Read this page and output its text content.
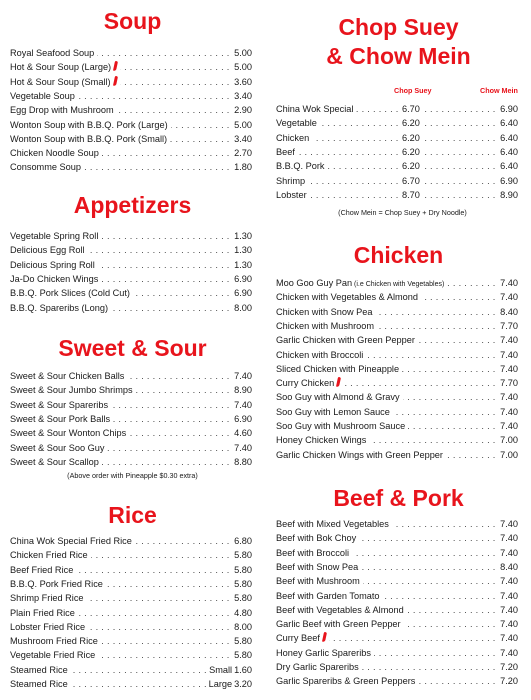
Soup
. . .
Royal Seafood Soup	5.00
. . .
Hot & Sour Soup (Large)	5.00
. . .
Hot & Sour Soup (Small)	3.60
. . .
Vegetable Soup	3.40
. . .
Egg Drop with Mushroom	2.90
. . .
Wonton Soup with B.B.Q. Pork (Large)	5.00
. . .
Wonton Soup with B.B.Q. Pork (Small)	3.40
. . .
Chicken Noodle Soup	2.70
. . .
Consomme Soup	1.80
Appetizers
. . .
Vegetable Spring Roll	1.30
. . .
Delicious Egg Roll	1.30
. . .
Delicious Spring Roll	1.30
. . .
Ja-Do Chicken Wings	6.90
. . .
B.B.Q. Pork Slices (Cold Cut)	6.90
. . .
B.B.Q. Spareribs (Long)	8.00
Sweet & Sour
. . .
Sweet & Sour Chicken Balls	7.40
. . .
Sweet & Sour Jumbo Shrimps	8.90
. . .
Sweet & Sour Spareribs	7.40
. . .
Sweet & Sour Pork Balls	6.90
. . .
Sweet & Sour Wonton Chips	4.60
. . .
Sweet & Sour Soo Guy	7.40
. . .
Sweet & Sour Scallop	8.80
(Above order with Pineapple $0.30 extra)
Rice
. . .
China Wok Special Fried Rice	6.80
. . .
Chicken Fried Rice	5.80
. . .
Beef Fried Rice	5.80
. . .
B.B.Q. Pork Fried Rice	5.80
. . .
Shrimp Fried Rice	5.80
. . .
Plain Fried Rice	4.80
. . .
Lobster Fried Rice	8.00
. . .
Mushroom Fried Rice	5.80
. . .
Vegetable Fried Rice	5.80
. . .
Steamed Rice	Small 1.60
. . .
Steamed Rice	Large 3.20
Chop Suey
& Chow Mein
Chop Suey	Chow Mein
. . .
China Wok Special	6.70	6.90
. . .
Vegetable	6.20	6.40
. . .
Chicken	6.20	6.40
. . .
Beef	6.20	6.40
. . .
B.B.Q. Pork	6.20	6.40
. . .
Shrimp	6.70	6.90
. . .
Lobster	8.70	8.90
(Chow Mein = Chop Suey + Dry Noodle)
Chicken
. . .
Moo Goo Guy Pan (i.e Chicken with Vegetables)	7.40
. . .
Chicken with Vegetables & Almond	7.40
. . .
Chicken with Snow Pea	8.40
. . .
Chicken with Mushroom	7.70
. . .
Garlic Chicken with Green Pepper	7.40
. . .
Chicken with Broccoli	7.40
. . .
Sliced Chicken with Pineapple	7.40
. . .
Curry Chicken	7.70
. . .
Soo Guy with Almond & Gravy	7.40
. . .
Soo Guy with Lemon Sauce	7.40
. . .
Soo Guy with Mushroom Sauce	7.40
. . .
Honey Chicken Wings	7.00
. . .
Garlic Chicken Wings with Green Pepper	7.00
Beef & Pork
. . .
Beef with Mixed Vegetables	7.40
. . .
Beef with Bok Choy	7.40
. . .
Beef with Broccoli	7.40
. . .
Beef with Snow Pea	8.40
. . .
Beef with Mushroom	7.40
. . .
Beef with Garden Tomato	7.40
. . .
Beef with Vegetables & Almond	7.40
. . .
Garlic Beef with Green Pepper	7.40
. . .
Curry Beef	7.40
. . .
Honey Garlic Spareribs	7.40
. . .
Dry Garlic Spareribs	7.20
. . .
Garlic Spareribs & Green Peppers	7.20
